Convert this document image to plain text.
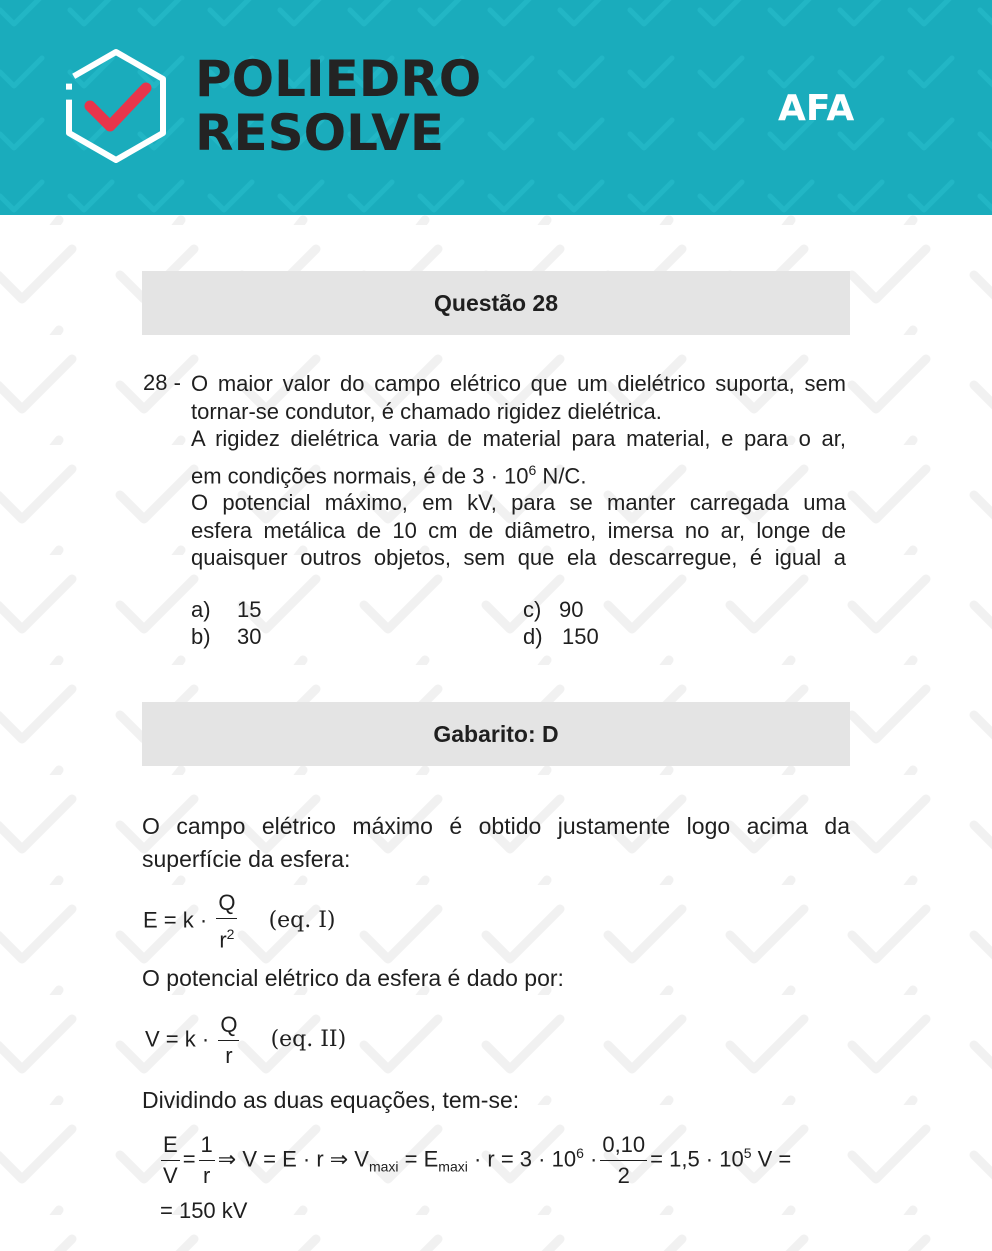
POLIEDRO
RESOLVE	AFA
Questão 28
28 - O maior valor do campo elétrico que um dielétrico suporta, sem
tornar-se condutor, é chamado rigidez dielétrica.
A rigidez dielétrica varia de material para material, e para o ar,
em condições normais, é de $3 \cdot 10^6$ N/C.
O potencial máximo, em kV, para se manter carregada uma
esfera metálica de 10 cm de diâmetro, imersa no ar, longe de
quaisquer outros objetos, sem que ela descarregue, é igual a
a) 15
b) 30
c) 90
d) 150
Gabarito: D
O campo elétrico máximo é obtido justamente logo acima da
superfície da esfera:
$E = k \cdot \frac{Q}{r^2} (eq$. I)
O potencial elétrico da esfera é dado por:
$V = k \cdot \frac{Q}{r} (eq$. II)
Dividindo as duas equações, tem-se:
$\frac{E}{V} = \frac{1}{r}$ ⇒ V = E · r ⇒ $V_{maxi} = E_{maxi} \cdot r = 3 \cdot 10^6 \cdot \frac{0,10}{2} = 1,5 \cdot 10^5$ V =
= 150 kV
